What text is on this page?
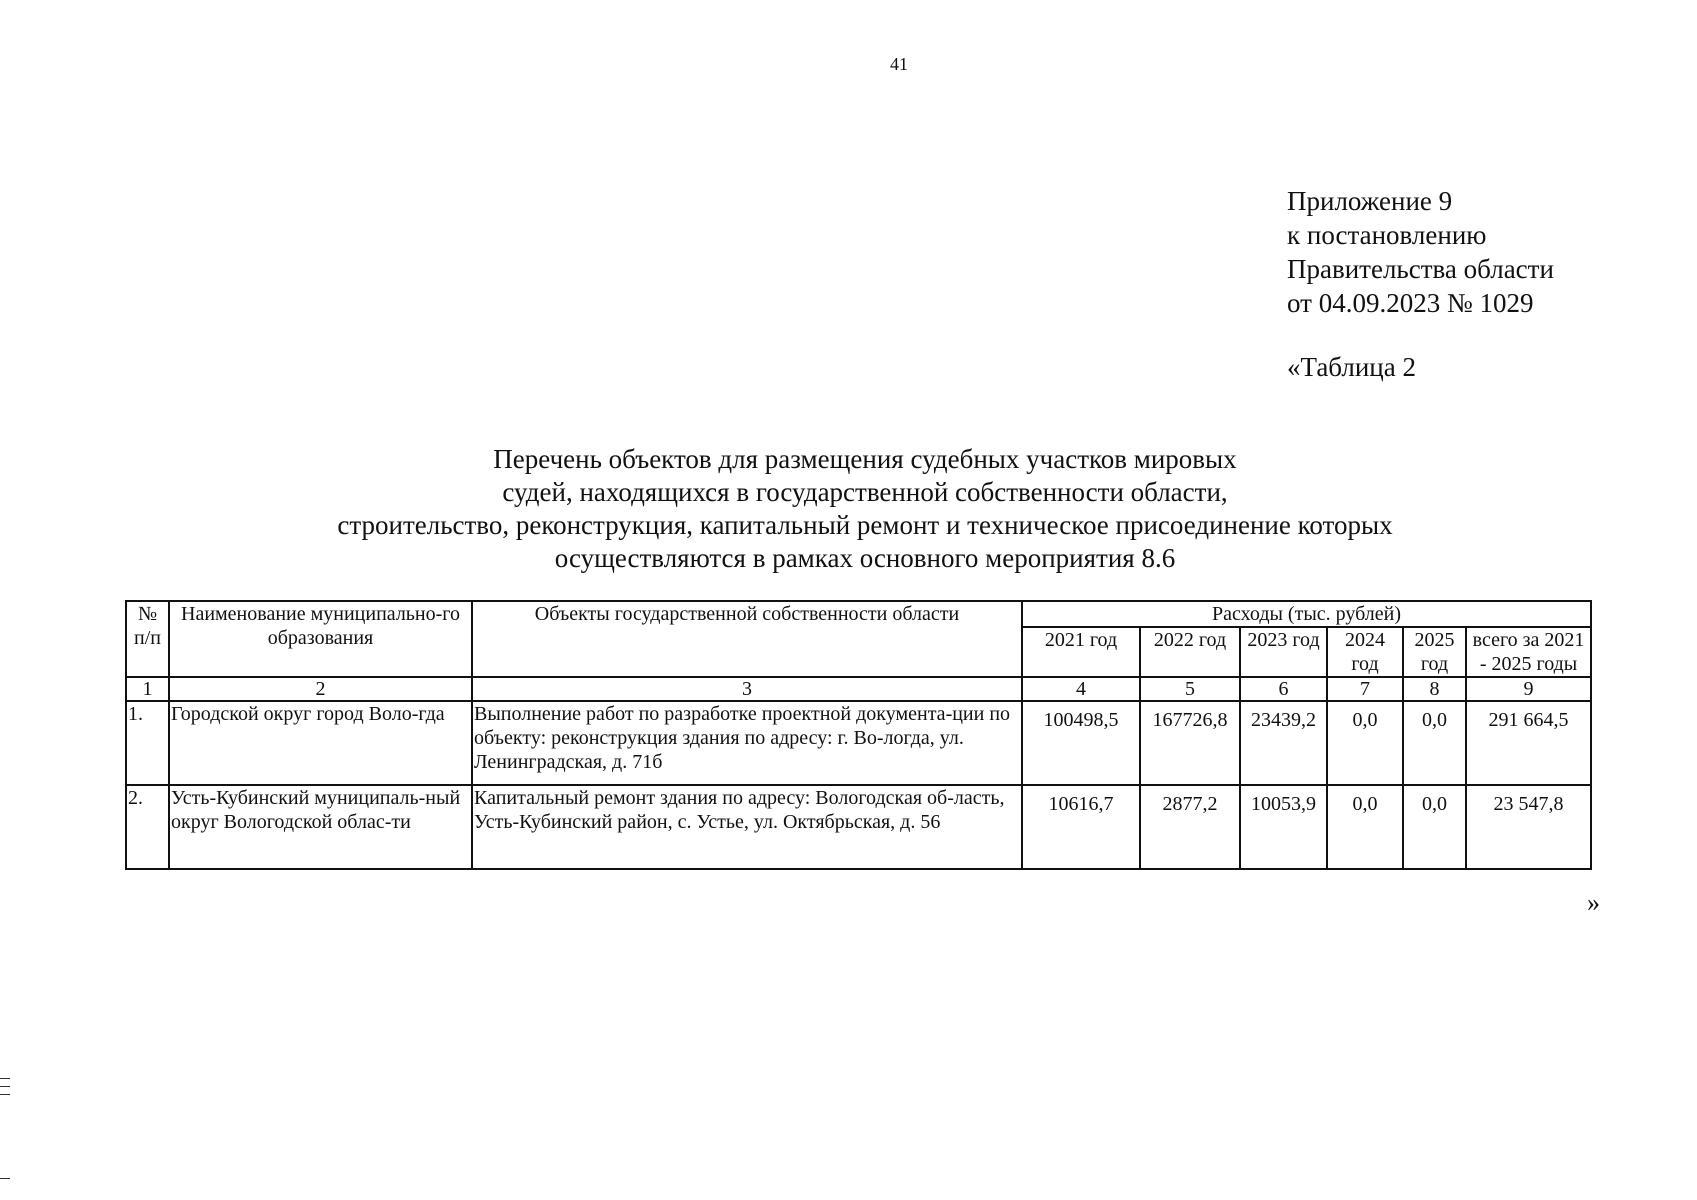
41
Приложение 9
к постановлению
Правительства области
от 04.09.2023 № 1029
«Таблица 2
Перечень объектов для размещения судебных участков мировых
судей, находящихся в государственной собственности области,
строительство, реконструкция, капитальный ремонт и техническое присоединение которых
осуществляются в рамках основного мероприятия 8.6
№ п/п	Наименование муниципально-го образования	Объекты государственной собственности области	Расходы (тыс. рублей)					
			2021 год	2022 год	2023 год	2024 год	2025 год	всего за 2021 - 2025 годы
1	2	3	4	5	6	7	8	9
1.	Городской округ город Воло-гда	Выполнение работ по разработке проектной документа-ции по объекту: реконструкция здания по адресу: г. Во-логда, ул. Ленинградская, д. 71б	100498,5	167726,8	23439,2	0,0	0,0	291 664,5
2.	Усть-Кубинский муниципаль-ный округ Вологодской облас-ти	Капитальный ремонт здания по адресу: Вологодская об-ласть, Усть-Кубинский район, с. Устье, ул. Октябрьская, д. 56	10616,7	2877,2	10053,9	0,0	0,0	23 547,8
»
